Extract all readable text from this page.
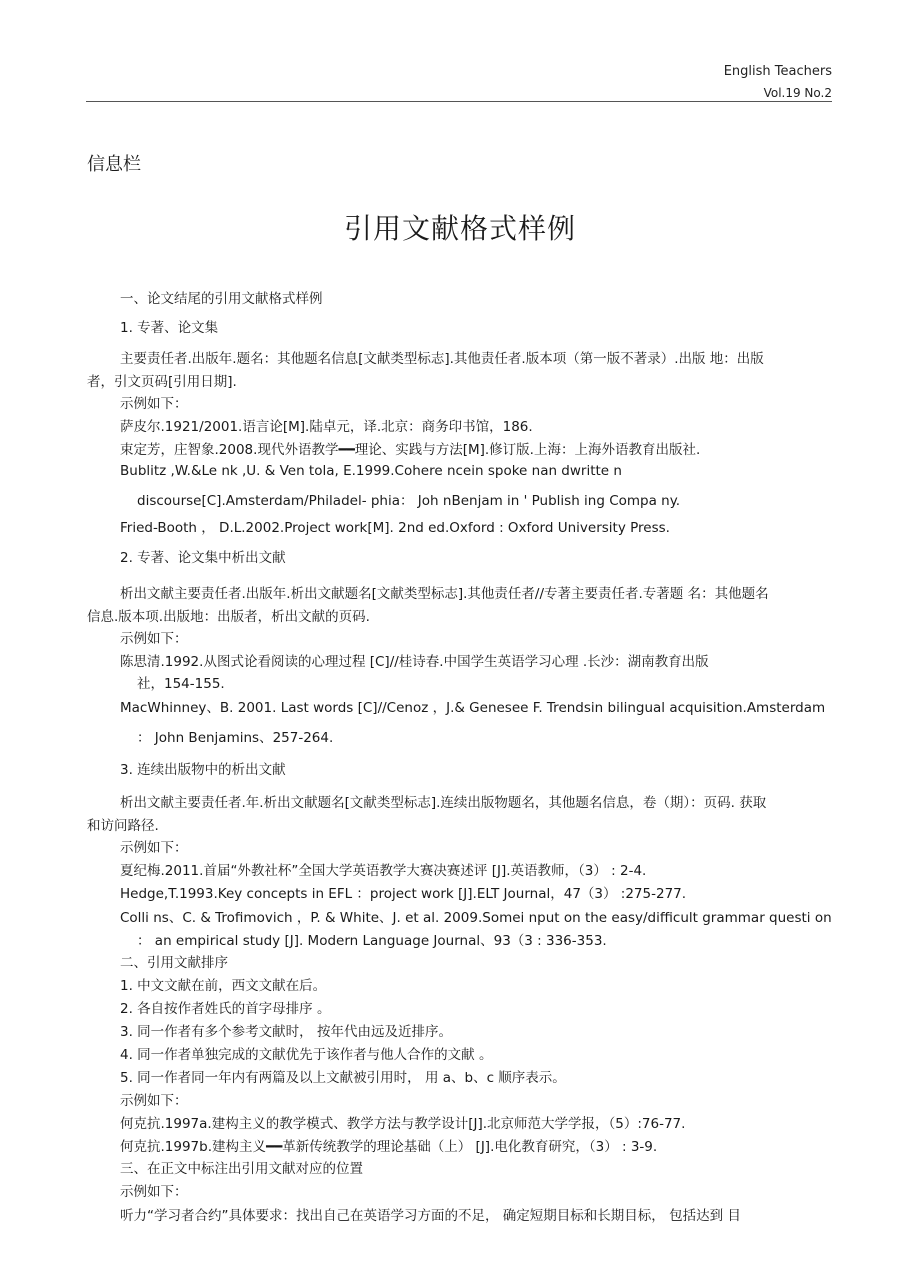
English Teachers
Vol.19 No.2
信息栏
引用文献格式样例
一、论文结尾的引用文献格式样例
1. 专著、论文集
主要责任者.出版年.题名：其他题名信息[文献类型标志].其他责任者.版本项（第一版不著录）.出版 地：出版
者，引文页码[引用日期].
示例如下：
萨皮尔.1921/2001.语言论[M].陆卓元，译.北京：商务印书馆，186.
束定芳，庄智象.2008.现代外语教学━━理论、实践与方法[M].修订版.上海：上海外语教育出版社.
Bublitz ,W.&Le nk ,U. & Ven tola, E.1999.Cohere ncein spoke nan dwritte n
discourse[C].Amsterdam/Philadel- phia： Joh nBenjam in ' Publish ing Compa ny.
Fried-Booth ， D.L.2002.Project work[M]. 2nd ed.Oxford : Oxford University Press.
2. 专著、论文集中析出文献
析出文献主要责任者.出版年.析出文献题名[文献类型标志].其他责任者//专著主要责任者.专著题 名：其他题名
信息.版本项.出版地：出版者，析出文献的页码.
示例如下：
陈思清.1992.从图式论看阅读的心理过程 [C]//桂诗春.中国学生英语学习心理 .长沙：湖南教育出版
社，154-155.
MacWhinney、B. 2001. Last words [C]//Cenoz ，J.& Genesee F. Trendsin bilingual acquisition.Amsterdam
： John Benjamins、257-264.
3. 连续出版物中的析出文献
析出文献主要责任者.年.析出文献题名[文献类型标志].连续出版物题名，其他题名信息，卷（期）：页码. 获取
和访问路径.
示例如下：
夏纪梅.2011.首届“外教社杯”全国大学英语教学大赛决赛述评 [J].英语教师，（3） : 2-4.
Hedge,T.1993.Key concepts in EFL ：project work [J].ELT Journal，47（3） :275-277.
Colli ns、C. & Trofimovich ，P. & White、J. et al. 2009.Somei nput on the easy/difficult grammar questi on
： an empirical study [J]. Modern Language Journal、93（3 : 336-353.
二、引用文献排序
1. 中文文献在前，西文文献在后。
2. 各自按作者姓氏的首字母排序 。
3. 同一作者有多个参考文献时， 按年代由远及近排序。
4. 同一作者单独完成的文献优先于该作者与他人合作的文献 。
5. 同一作者同一年内有两篇及以上文献被引用时， 用 a、b、c 顺序表示。
示例如下：
何克抗.1997a.建构主义的教学模式、教学方法与教学设计[J].北京师范大学学报，（5）:76-77.
何克抗.1997b.建构主义━━革新传统教学的理论基础（上） [J].电化教育研究，（3） : 3-9.
三、在正文中标注出引用文献对应的位置
示例如下：
听力“学习者合约”具体要求：找出自己在英语学习方面的不足， 确定短期目标和长期目标， 包括达到 目
